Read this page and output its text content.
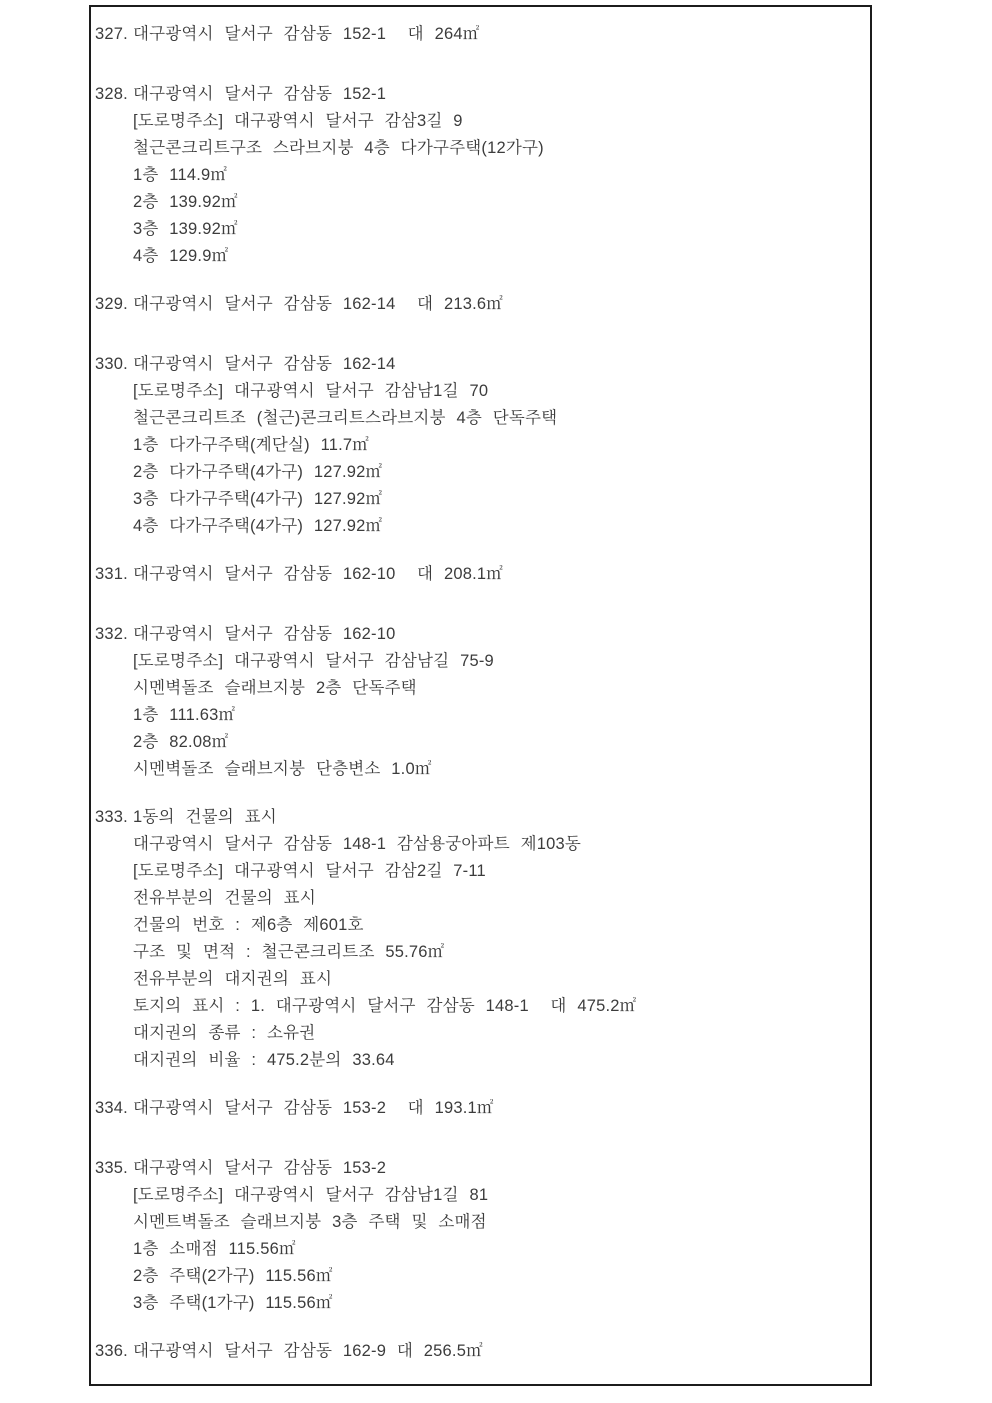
327. 대구광역시 달서구 감삼동 152-1  대 264㎡
328. 대구광역시 달서구 감삼동 152-1
[도로명주소] 대구광역시 달서구 감삼3길 9
철근콘크리트구조 스라브지붕 4층 다가구주택(12가구)
1층 114.9㎡
2층 139.92㎡
3층 139.92㎡
4층 129.9㎡
329. 대구광역시 달서구 감삼동 162-14  대 213.6㎡
330. 대구광역시 달서구 감삼동 162-14
[도로명주소] 대구광역시 달서구 감삼남1길 70
철근콘크리트조 (철근)콘크리트스라브지붕 4층 단독주택
1층 다가구주택(계단실) 11.7㎡
2층 다가구주택(4가구) 127.92㎡
3층 다가구주택(4가구) 127.92㎡
4층 다가구주택(4가구) 127.92㎡
331. 대구광역시 달서구 감삼동 162-10  대 208.1㎡
332. 대구광역시 달서구 감삼동 162-10
[도로명주소] 대구광역시 달서구 감삼남길 75-9
시멘벽돌조 슬래브지붕 2층 단독주택
1층 111.63㎡
2층 82.08㎡
시멘벽돌조 슬래브지붕 단층변소 1.0㎡
333. 1동의 건물의 표시
대구광역시 달서구 감삼동 148-1 감삼용궁아파트 제103동
[도로명주소] 대구광역시 달서구 감삼2길 7-11
전유부분의 건물의 표시
건물의 번호 : 제6층 제601호
구조 및 면적 : 철근콘크리트조 55.76㎡
전유부분의 대지권의 표시
토지의 표시 : 1. 대구광역시 달서구 감삼동 148-1  대 475.2㎡
대지권의 종류 : 소유권
대지권의 비율 : 475.2분의 33.64
334. 대구광역시 달서구 감삼동 153-2  대 193.1㎡
335. 대구광역시 달서구 감삼동 153-2
[도로명주소] 대구광역시 달서구 감삼남1길 81
시멘트벽돌조 슬래브지붕 3층 주택 및 소매점
1층 소매점 115.56㎡
2층 주택(2가구) 115.56㎡
3층 주택(1가구) 115.56㎡
336. 대구광역시 달서구 감삼동 162-9 대 256.5㎡
